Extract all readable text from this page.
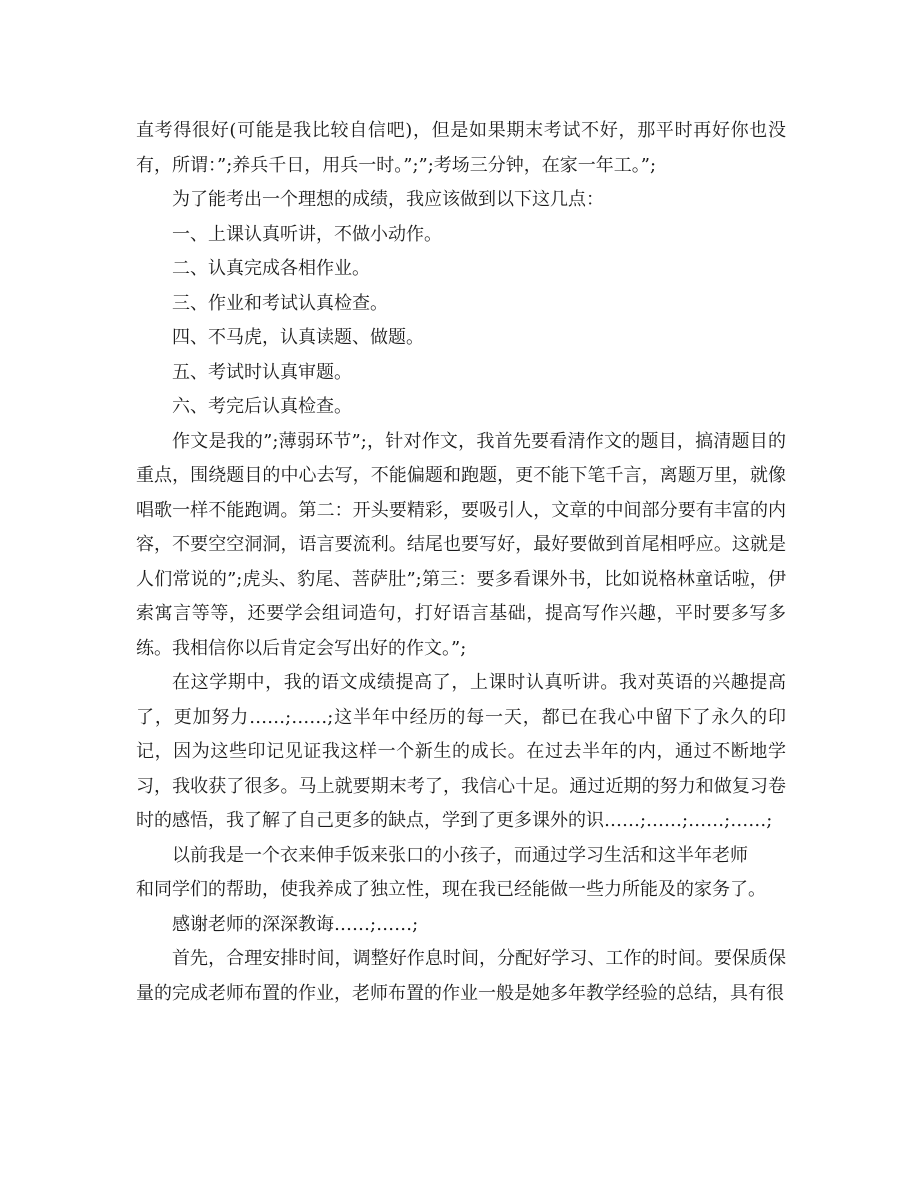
直考得很好(可能是我比较自信吧)，但是如果期末考试不好，那平时再好你也没有，所谓：”;养兵千日，用兵一时。”;”;考场三分钟，在家一年工。”;

为了能考出一个理想的成绩，我应该做到以下这几点：

一、上课认真听讲，不做小动作。

二、认真完成各相作业。

三、作业和考试认真检查。

四、不马虎，认真读题、做题。

五、考试时认真审题。

六、考完后认真检查。

作文是我的”;薄弱环节”;，针对作文，我首先要看清作文的题目，搞清题目的重点，围绕题目的中心去写，不能偏题和跑题，更不能下笔千言，离题万里，就像唱歌一样不能跑调。第二：开头要精彩，要吸引人，文章的中间部分要有丰富的内容，不要空空洞洞，语言要流利。结尾也要写好，最好要做到首尾相呼应。这就是人们常说的”;虎头、豹尾、菩萨肚”;第三：要多看课外书，比如说格林童话啦，伊索寓言等等，还要学会组词造句，打好语言基础，提高写作兴趣，平时要多写多练。我相信你以后肯定会写出好的作文。”;

在这学期中，我的语文成绩提高了，上课时认真听讲。我对英语的兴趣提高了，更加努力……;……;这半年中经历的每一天，都已在我心中留下了永久的印记，因为这些印记见证我这样一个新生的成长。在过去半年的内，通过不断地学习，我收获了很多。马上就要期末考了，我信心十足。通过近期的努力和做复习卷时的感悟，我了解了自己更多的缺点，学到了更多课外的识……;……;……;……;

以前我是一个衣来伸手饭来张口的小孩子，而通过学习生活和这半年老师

和同学们的帮助，使我养成了独立性，现在我已经能做一些力所能及的家务了。

感谢老师的深深教诲……;……;

首先，合理安排时间，调整好作息时间，分配好学习、工作的时间。要保质保量的完成老师布置的作业，老师布置的作业一般是她多年教学经验的总结，具有很
